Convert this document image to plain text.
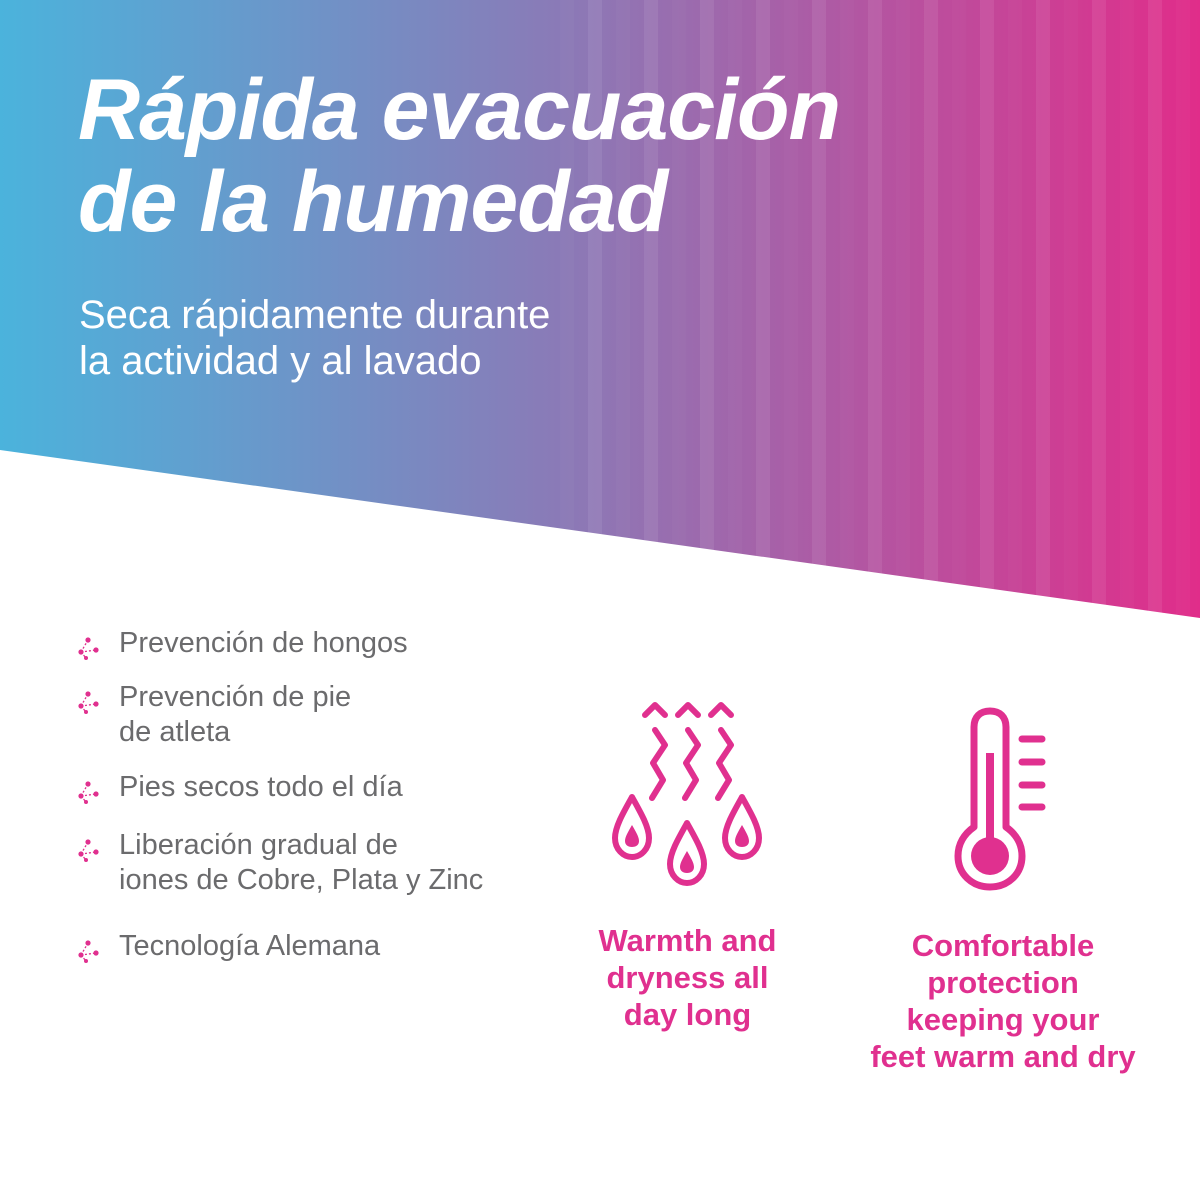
Rápida evacuación
de la humedad

Seca rápidamente durante
la actividad y al lavado

Prevención de hongos
Prevención de pie
de atleta
Pies secos todo el día
Liberación gradual de
iones de Cobre, Plata y Zinc
Tecnología Alemana	Warmth and
dryness all
day long

Comfortable
protection
keeping your
feet warm and dry
